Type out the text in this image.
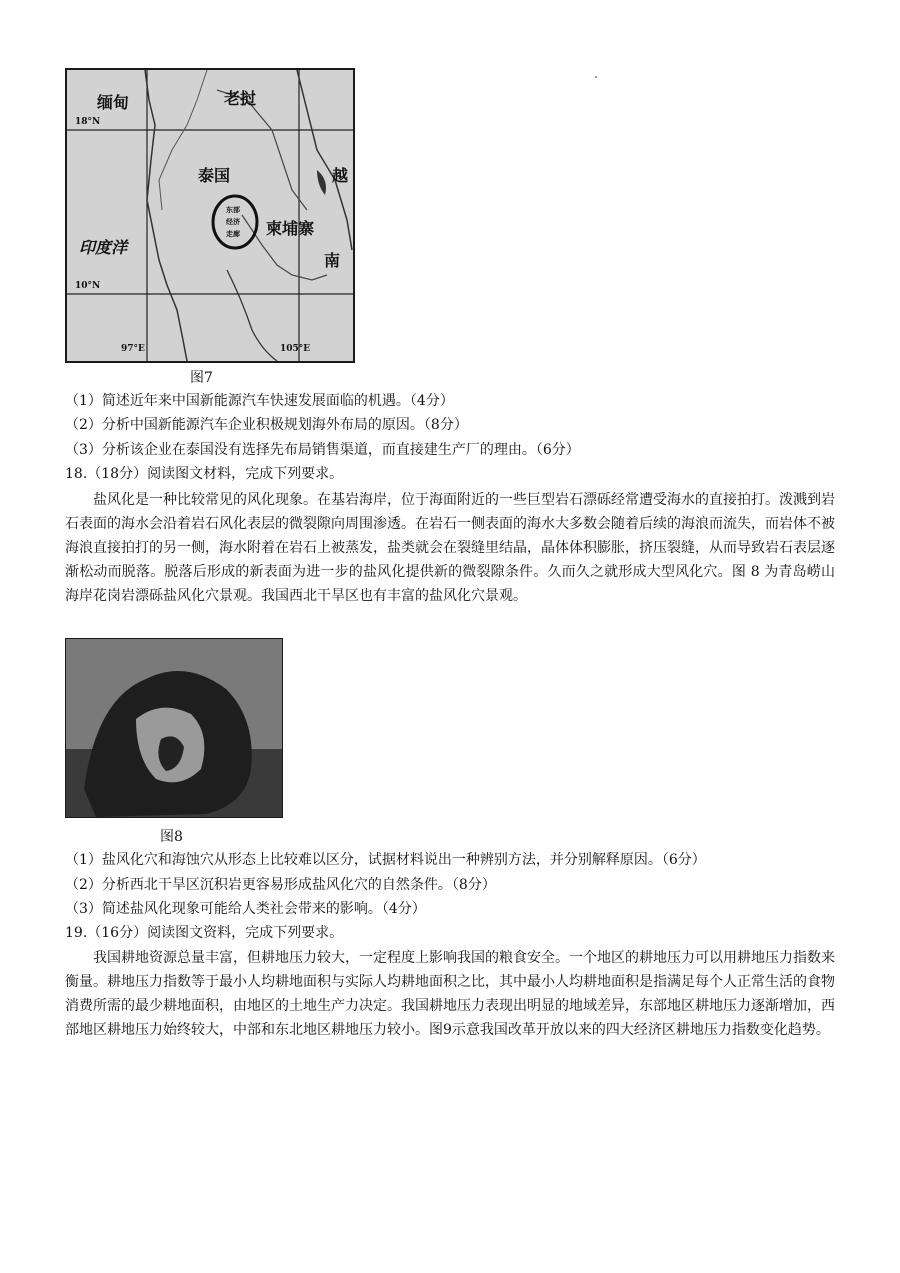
缅甸	老挝
泰国
柬埔寨
越
南
印度洋
18°N
10°N
97°E	105°E
东部
经济
走廊
图7
（1）简述近年来中国新能源汽车快速发展面临的机遇。（4分）
（2）分析中国新能源汽车企业积极规划海外布局的原因。（8分）
（3）分析该企业在泰国没有选择先布局销售渠道，而直接建生产厂的理由。（6分）
18.（18分）阅读图文材料，完成下列要求。
盐风化是一种比较常见的风化现象。在基岩海岸，位于海面附近的一些巨型岩石漂砾经常遭受海水的直接拍打。泼溅到岩石表面的海水会沿着岩石风化表层的微裂隙向周围渗透。在岩石一侧表面的海水大多数会随着后续的海浪而流失，而岩体不被海浪直接拍打的另一侧，海水附着在岩石上被蒸发，盐类就会在裂缝里结晶，晶体体积膨胀，挤压裂缝，从而导致岩石表层逐渐松动而脱落。脱落后形成的新表面为进一步的盐风化提供新的微裂隙条件。久而久之就形成大型风化穴。图 8 为青岛崂山海岸花岗岩漂砾盐风化穴景观。我国西北干旱区也有丰富的盐风化穴景观。
图8
（1）盐风化穴和海蚀穴从形态上比较难以区分，试据材料说出一种辨别方法，并分别解释原因。（6分）
（2）分析西北干旱区沉积岩更容易形成盐风化穴的自然条件。（8分）
（3）简述盐风化现象可能给人类社会带来的影响。（4分）
19.（16分）阅读图文资料，完成下列要求。
我国耕地资源总量丰富，但耕地压力较大，一定程度上影响我国的粮食安全。一个地区的耕地压力可以用耕地压力指数来衡量。耕地压力指数等于最小人均耕地面积与实际人均耕地面积之比，其中最小人均耕地面积是指满足每个人正常生活的食物消费所需的最少耕地面积，由地区的土地生产力决定。我国耕地压力表现出明显的地域差异，东部地区耕地压力逐渐增加，西部地区耕地压力始终较大，中部和东北地区耕地压力较小。图9示意我国改革开放以来的四大经济区耕地压力指数变化趋势。
